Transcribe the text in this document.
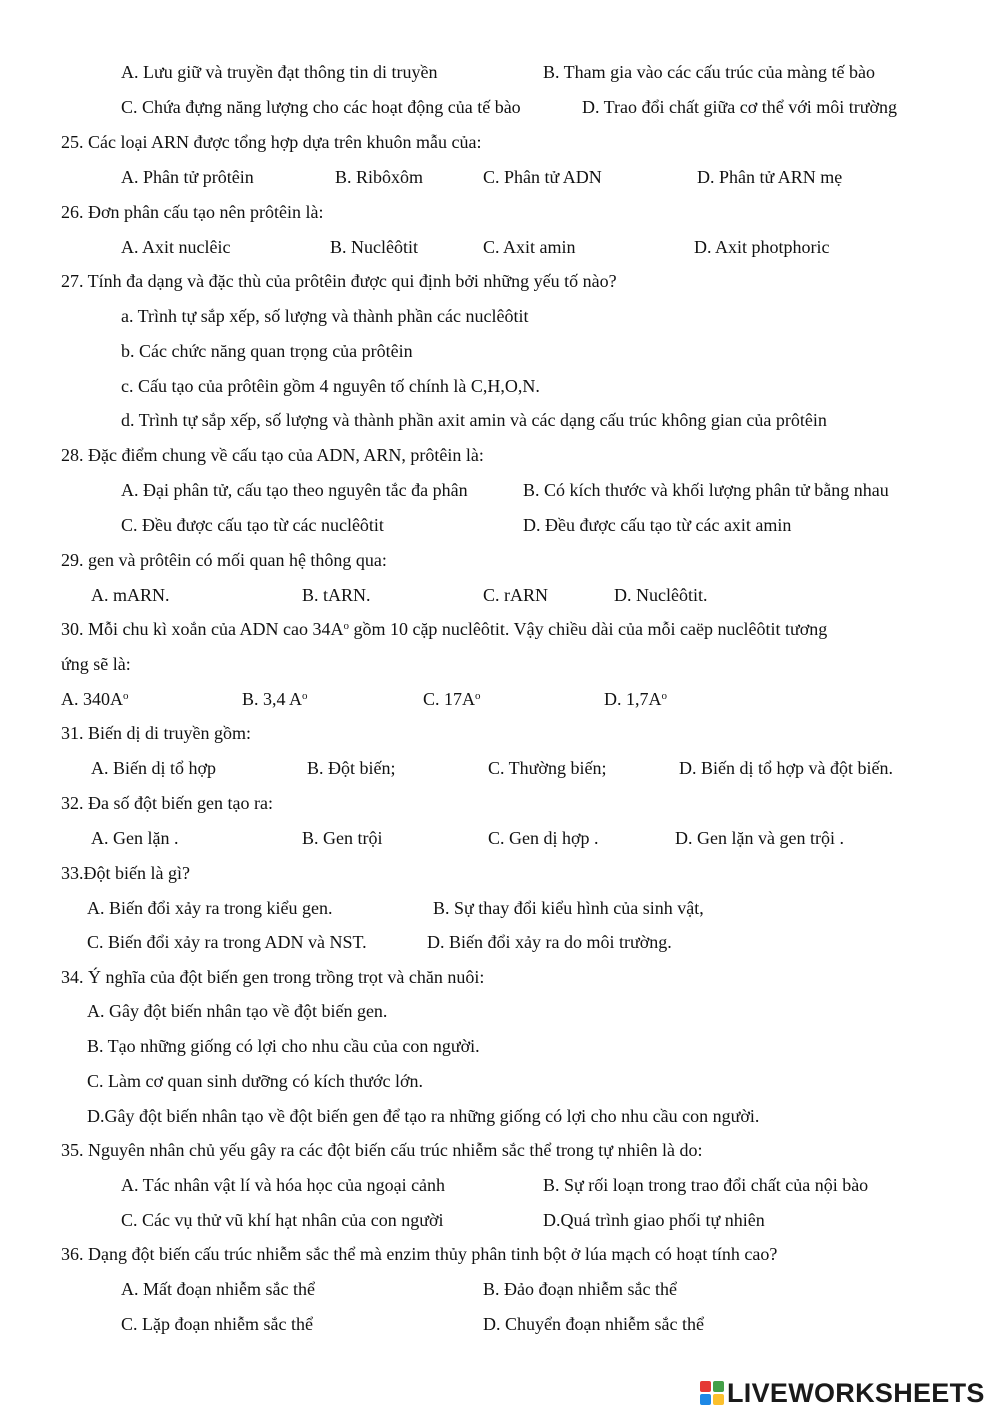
A. Lưu giữ và truyền đạt thông tin di truyền	B. Tham gia vào các cấu trúc của màng tế bào
C. Chứa đựng năng lượng cho các hoạt động của tế bào	D. Trao đổi chất giữa cơ thể với môi trường
25. Các loại ARN được tổng hợp dựa trên khuôn mẫu của:
A. Phân tử prôtêin	B. Ribôxôm	C. Phân tử ADN	D. Phân tử ARN mẹ
26. Đơn phân cấu tạo nên prôtêin là:
A. Axit nuclêic	B. Nuclêôtit	C. Axit amin	D. Axit photphoric
27. Tính đa dạng và đặc thù của prôtêin được qui định bởi những yếu tố nào?
a. Trình tự sắp xếp, số lượng và thành phần các nuclêôtit
b. Các chức năng quan trọng của prôtêin
c. Cấu tạo của prôtêin gồm 4 nguyên tố chính là C,H,O,N.
d. Trình tự sắp xếp, số lượng và thành phần axit amin và các dạng cấu trúc không gian của prôtêin
28. Đặc điểm chung về cấu tạo của ADN, ARN, prôtêin là:
A. Đại phân tử, cấu tạo theo nguyên tắc đa phân	B. Có kích thước và khối lượng phân tử bằng nhau
C. Đều được cấu tạo từ các nuclêôtit	D. Đều được cấu tạo từ các axit amin
29. gen và prôtêin có mối quan hệ thông qua:
A. mARN.	B. tARN.	C. rARN	D. Nuclêôtit.
30. Mỗi chu kì xoắn của ADN cao $34A^o$ gồm 10 cặp nuclêôtit. Vậy chiều dài của mỗi caëp nuclêôtit tương
ứng sẽ là:
A. $340A^o$	B. 3,4 $A^o$	C. $17A^o$	D. $1,7A^o$
31. Biến dị di truyền gồm:
A. Biến dị tổ hợp	B. Đột biến;	C. Thường biến;	D. Biến dị tổ hợp và đột biến.
32. Đa số đột biến gen tạo ra:
A. Gen lặn .	B. Gen trội	C. Gen dị hợp .	D. Gen lặn và gen trội .
33.Đột biến là gì?
A. Biến đổi xảy ra trong kiểu gen.	B. Sự thay đổi kiểu hình của sinh vật,
C. Biến đổi xảy ra trong ADN và NST.	D. Biến đổi xảy ra do môi trường.
34. Ý nghĩa của đột biến gen trong trồng trọt và chăn nuôi:
A. Gây đột biến nhân tạo về đột biến gen.
B. Tạo những giống có lợi cho nhu cầu của con người.
C. Làm cơ quan sinh dưỡng có kích thước lớn.
D.Gây đột biến nhân tạo về đột biến gen để tạo ra những giống có lợi cho nhu cầu con người.
35. Nguyên nhân chủ yếu gây ra các đột biến cấu trúc nhiễm sắc thể trong tự nhiên là do:
A. Tác nhân vật lí và hóa học của ngoại cảnh	B. Sự rối loạn trong trao đổi chất của nội bào
C. Các vụ thử vũ khí hạt nhân của con người	D.Quá trình giao phối tự nhiên
36. Dạng đột biến cấu trúc nhiễm sắc thể mà enzim thủy phân tinh bột ở lúa mạch có hoạt tính cao?
A. Mất đoạn nhiễm sắc thể	B. Đảo đoạn nhiễm sắc thể
C. Lặp đoạn nhiễm sắc thể	D. Chuyển đoạn nhiễm sắc thể
LIVEWORKSHEETS
